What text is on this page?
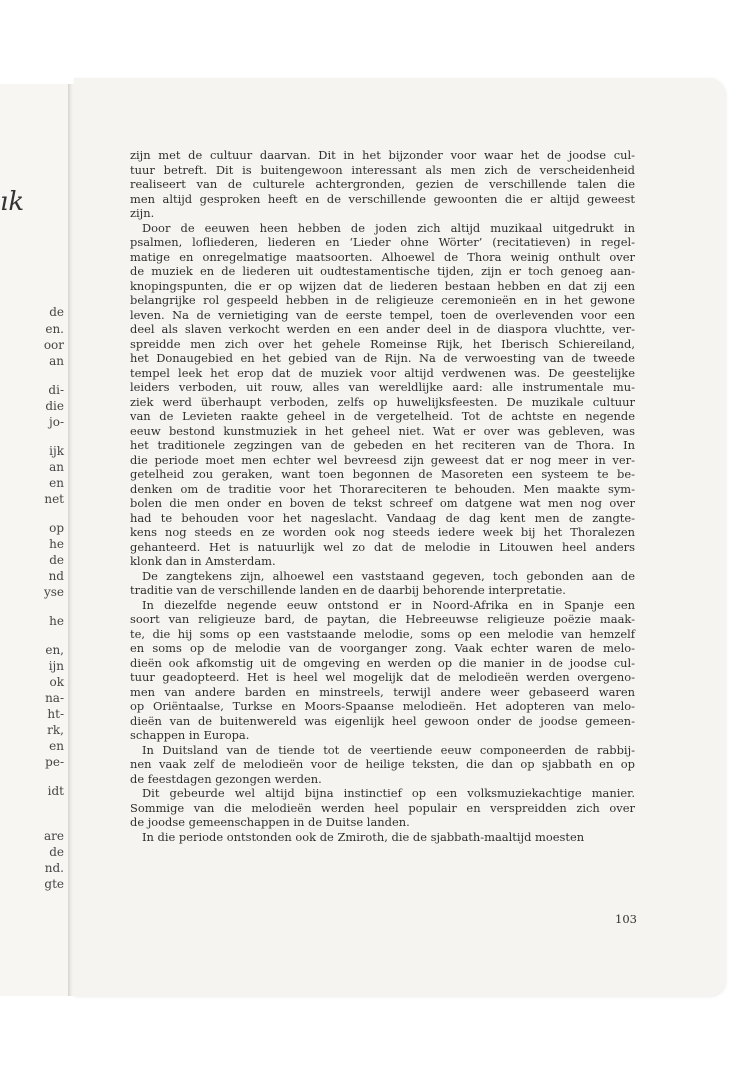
ık
de
en.
oor
an
di-
die
jo-
ijk
an
en
net
op
he
de
nd
yse
he
en,
ijn
ok
na-
ht-
rk,
en
pe-
idt
are
de
nd.
gte

zijn met de cultuur daarvan. Dit in het bijzonder voor waar het de joodse cul-
tuur betreft. Dit is buitengewoon interessant als men zich de verscheidenheid
realiseert van de culturele achtergronden, gezien de verschillende talen die
men altijd gesproken heeft en de verschillende gewoonten die er altijd geweest
zijn.

Door de eeuwen heen hebben de joden zich altijd muzikaal uitgedrukt in
psalmen, lofliederen, liederen en ‘Lieder ohne Wörter’ (recitatieven) in regel-
matige en onregelmatige maatsoorten. Alhoewel de Thora weinig onthult over
de muziek en de liederen uit oudtestamentische tijden, zijn er toch genoeg aan-
knopingspunten, die er op wijzen dat de liederen bestaan hebben en dat zij een
belangrijke rol gespeeld hebben in de religieuze ceremonieën en in het gewone
leven. Na de vernietiging van de eerste tempel, toen de overlevenden voor een
deel als slaven verkocht werden en een ander deel in de diaspora vluchtte, ver-
spreidde men zich over het gehele Romeinse Rijk, het Iberisch Schiereiland,
het Donaugebied en het gebied van de Rijn. Na de verwoesting van de tweede
tempel leek het erop dat de muziek voor altijd verdwenen was. De geestelijke
leiders verboden, uit rouw, alles van wereldlijke aard: alle instrumentale mu-
ziek werd überhaupt verboden, zelfs op huwelijksfeesten. De muzikale cultuur
van de Levieten raakte geheel in de vergetelheid. Tot de achtste en negende
eeuw bestond kunstmuziek in het geheel niet. Wat er over was gebleven, was
het traditionele zegzingen van de gebeden en het reciteren van de Thora. In
die periode moet men echter wel bevreesd zijn geweest dat er nog meer in ver-
getelheid zou geraken, want toen begonnen de Masoreten een systeem te be-
denken om de traditie voor het Thorareciteren te behouden. Men maakte sym-
bolen die men onder en boven de tekst schreef om datgene wat men nog over
had te behouden voor het nageslacht. Vandaag de dag kent men de zangte-
kens nog steeds en ze worden ook nog steeds iedere week bij het Thoralezen
gehanteerd. Het is natuurlijk wel zo dat de melodie in Litouwen heel anders
klonk dan in Amsterdam.

De zangtekens zijn, alhoewel een vaststaand gegeven, toch gebonden aan de
traditie van de verschillende landen en de daarbij behorende interpretatie.

In diezelfde negende eeuw ontstond er in Noord-Afrika en in Spanje een
soort van religieuze bard, de paytan, die Hebreeuwse religieuze poëzie maak-
te, die hij soms op een vaststaande melodie, soms op een melodie van hemzelf
en soms op de melodie van de voorganger zong. Vaak echter waren de melo-
dieën ook afkomstig uit de omgeving en werden op die manier in de joodse cul-
tuur geadopteerd. Het is heel wel mogelijk dat de melodieën werden overgeno-
men van andere barden en minstreels, terwijl andere weer gebaseerd waren
op Oriëntaalse, Turkse en Moors-Spaanse melodieën. Het adopteren van melo-
dieën van de buitenwereld was eigenlijk heel gewoon onder de joodse gemeen-
schappen in Europa.

In Duitsland van de tiende tot de veertiende eeuw componeerden de rabbij-
nen vaak zelf de melodieën voor de heilige teksten, die dan op sjabbath en op
de feestdagen gezongen werden.

Dit gebeurde wel altijd bijna instinctief op een volksmuziekachtige manier.
Sommige van die melodieën werden heel populair en verspreidden zich over
de joodse gemeenschappen in de Duitse landen.

In die periode ontstonden ook de Zmiroth, die de sjabbath-maaltijd moesten

103
